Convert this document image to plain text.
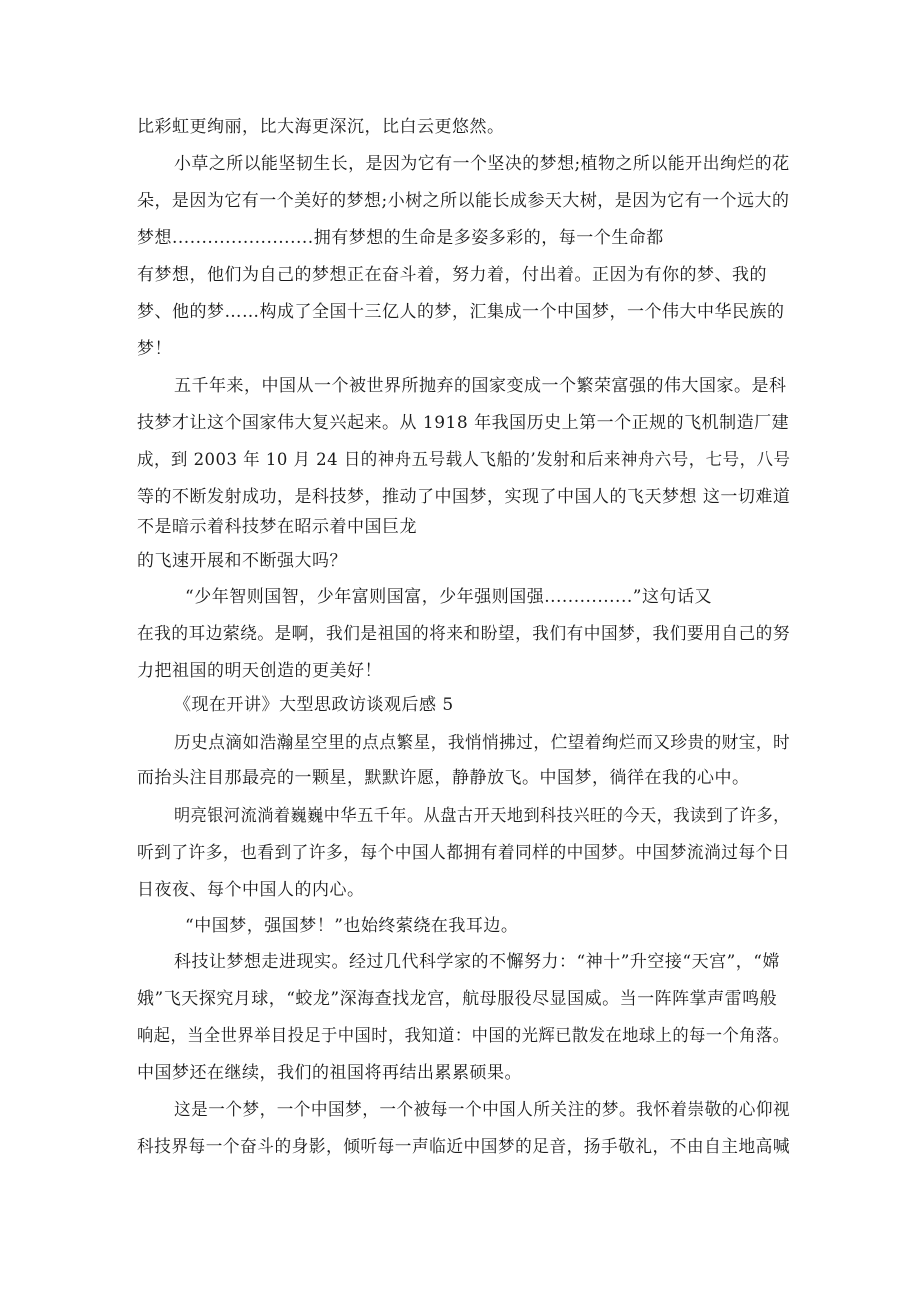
比彩虹更绚丽，比大海更深沉，比白云更悠然。
小草之所以能坚韧生长，是因为它有一个坚决的梦想;植物之所以能开出绚烂的花
朵，是因为它有一个美好的梦想;小树之所以能长成参天大树，是因为它有一个远大的
梦想........................拥有梦想的生命是多姿多彩的，每一个生命都
有梦想，他们为自己的梦想正在奋斗着，努力着，付出着。正因为有你的梦、我的
梦、他的梦……构成了全国十三亿人的梦，汇集成一个中国梦，一个伟大中华民族的
梦！
五千年来，中国从一个被世界所抛弃的国家变成一个繁荣富强的伟大国家。是科
技梦才让这个国家伟大复兴起来。从 1918 年我国历史上第一个正规的飞机制造厂建
成，到 2003 年 10 月 24 日的神舟五号载人飞船的’发射和后来神舟六号，七号，八号
等的不断发射成功，是科技梦，推动了中国梦，实现了中国人的飞天梦想 这一切难道
不是暗示着科技梦在昭示着中国巨龙
的飞速开展和不断强大吗？
“少年智则国智，少年富则国富，少年强则国强...............”这句话又
在我的耳边萦绕。是啊，我们是祖国的将来和盼望，我们有中国梦，我们要用自己的努
力把祖国的明天创造的更美好！
《现在开讲》大型思政访谈观后感 5
历史点滴如浩瀚星空里的点点繁星，我悄悄拂过，伫望着绚烂而又珍贵的财宝，时
而抬头注目那最亮的一颗星，默默许愿，静静放飞。中国梦，徜徉在我的心中。
明亮银河流淌着巍巍中华五千年。从盘古开天地到科技兴旺的今天，我读到了许多，
听到了许多，也看到了许多，每个中国人都拥有着同样的中国梦。中国梦流淌过每个日
日夜夜、每个中国人的内心。
“中国梦，强国梦！”也始终萦绕在我耳边。
科技让梦想走进现实。经过几代科学家的不懈努力：“神十”升空接“天宫”，“嫦
娥”飞天探究月球，“蛟龙”深海查找龙宫，航母服役尽显国威。当一阵阵掌声雷鸣般
响起，当全世界举目投足于中国时，我知道：中国的光辉已散发在地球上的每一个角落。
中国梦还在继续，我们的祖国将再结出累累硕果。
这是一个梦，一个中国梦，一个被每一个中国人所关注的梦。我怀着崇敬的心仰视
科技界每一个奋斗的身影，倾听每一声临近中国梦的足音，扬手敬礼，不由自主地高喊
